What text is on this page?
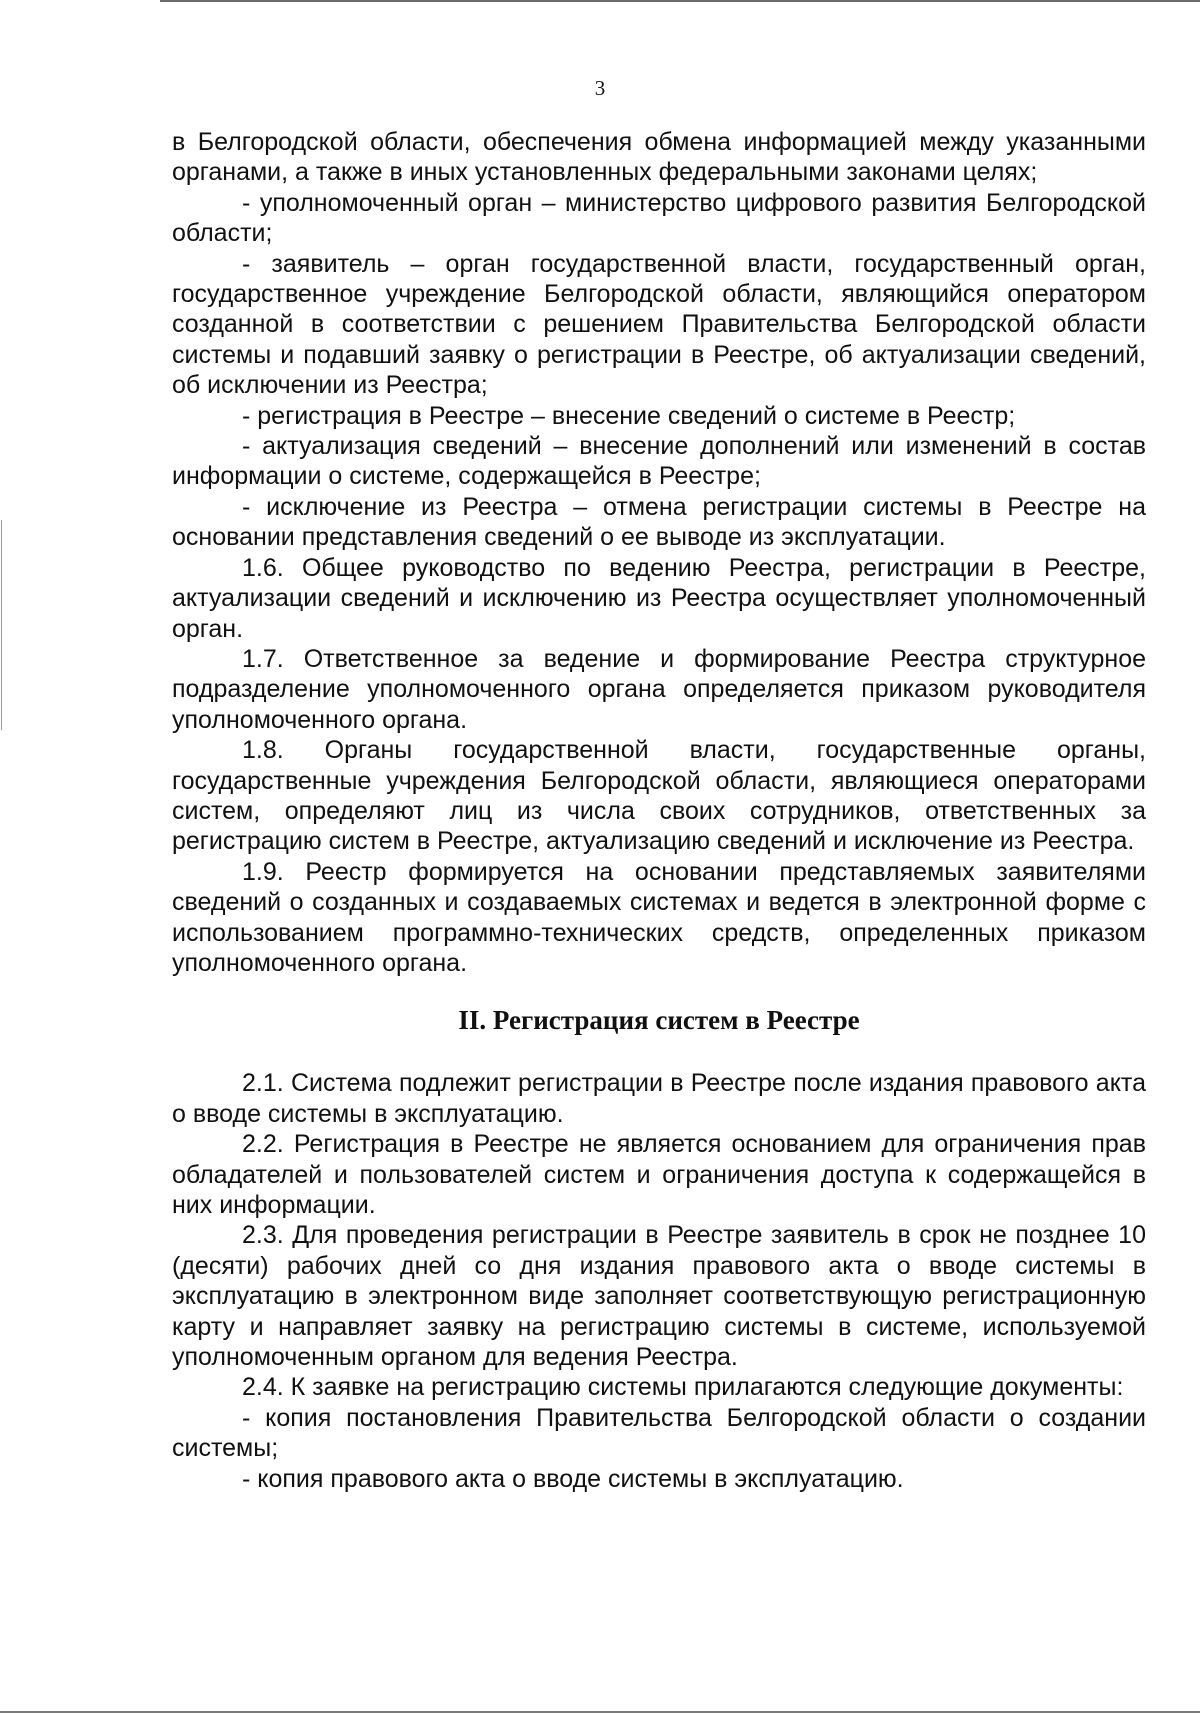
3

в Белгородской области, обеспечения обмена информацией между указанными органами, а также в иных установленных федеральными законами целях;

- уполномоченный орган – министерство цифрового развития Белгородской области;

- заявитель – орган государственной власти, государственный орган, государственное учреждение Белгородской области, являющийся оператором созданной в соответствии с решением Правительства Белгородской области системы и подавший заявку о регистрации в Реестре, об актуализации сведений, об исключении из Реестра;

- регистрация в Реестре – внесение сведений о системе в Реестр;

- актуализация сведений – внесение дополнений или изменений в состав информации о системе, содержащейся в Реестре;

- исключение из Реестра – отмена регистрации системы в Реестре на основании представления сведений о ее выводе из эксплуатации.

1.6. Общее руководство по ведению Реестра, регистрации в Реестре, актуализации сведений и исключению из Реестра осуществляет уполномоченный орган.

1.7. Ответственное за ведение и формирование Реестра структурное подразделение уполномоченного органа определяется приказом руководителя уполномоченного органа.

1.8. Органы государственной власти, государственные органы, государственные учреждения Белгородской области, являющиеся операторами систем, определяют лиц из числа своих сотрудников, ответственных за регистрацию систем в Реестре, актуализацию сведений и исключение из Реестра.

1.9. Реестр формируется на основании представляемых заявителями сведений о созданных и создаваемых системах и ведется в электронной форме с использованием программно-технических средств, определенных приказом уполномоченного органа.

II. Регистрация систем в Реестре

2.1. Система подлежит регистрации в Реестре после издания правового акта о вводе системы в эксплуатацию.

2.2. Регистрация в Реестре не является основанием для ограничения прав обладателей и пользователей систем и ограничения доступа к содержащейся в них информации.

2.3. Для проведения регистрации в Реестре заявитель в срок не позднее 10 (десяти) рабочих дней со дня издания правового акта о вводе системы в эксплуатацию в электронном виде заполняет соответствующую регистрационную карту и направляет заявку на регистрацию системы в системе, используемой уполномоченным органом для ведения Реестра.

2.4. К заявке на регистрацию системы прилагаются следующие документы:

- копия постановления Правительства Белгородской области о создании системы;

- копия правового акта о вводе системы в эксплуатацию.
